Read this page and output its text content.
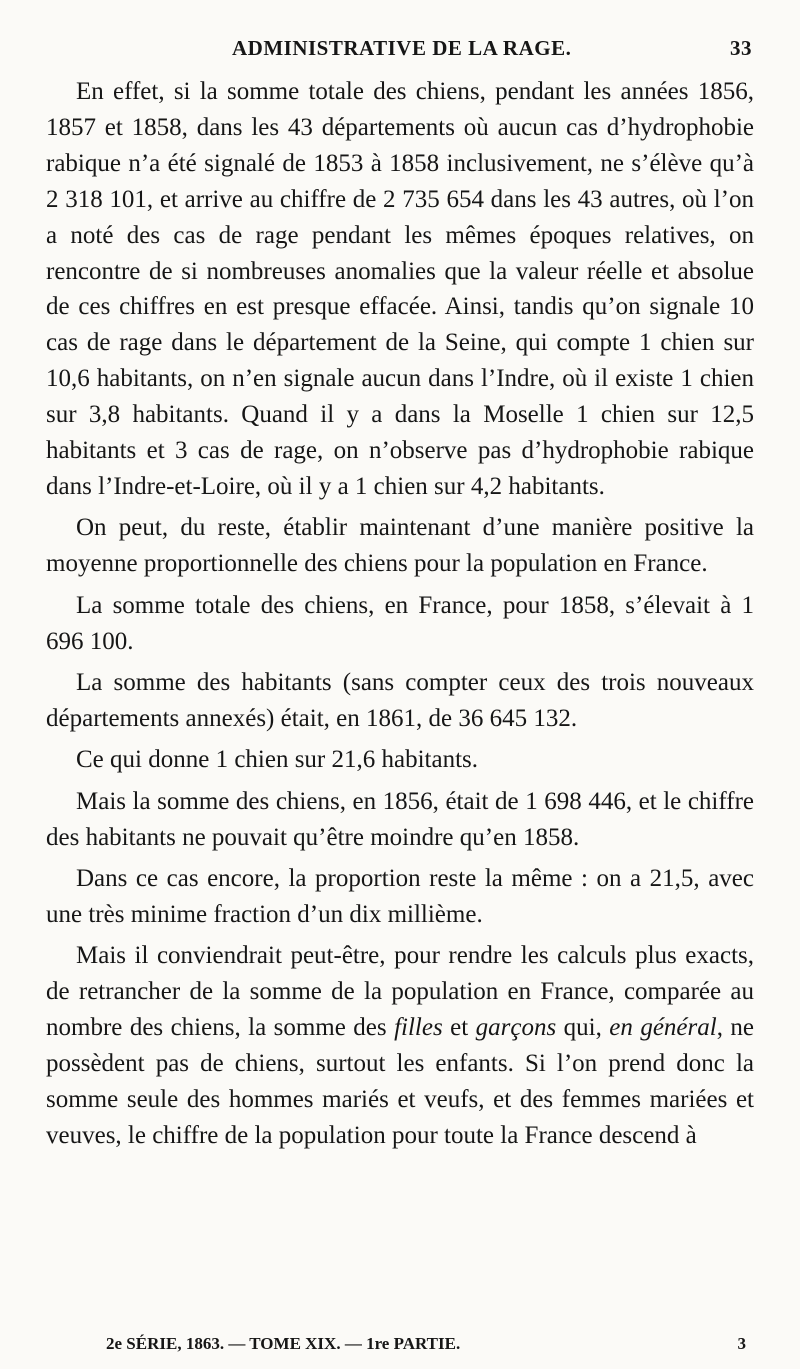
ADMINISTRATIVE DE LA RAGE.	33

En effet, si la somme totale des chiens, pendant les années 1856, 1857 et 1858, dans les 43 départements où aucun cas d’hydrophobie rabique n’a été signalé de 1853 à 1858 inclusivement, ne s’élève qu’à 2 318 101, et arrive au chiffre de 2 735 654 dans les 43 autres, où l’on a noté des cas de rage pendant les mêmes époques relatives, on rencontre de si nombreuses anomalies que la valeur réelle et absolue de ces chiffres en est presque effacée. Ainsi, tandis qu’on signale 10 cas de rage dans le département de la Seine, qui compte 1 chien sur 10,6 habitants, on n’en signale aucun dans l’Indre, où il existe 1 chien sur 3,8 habitants. Quand il y a dans la Moselle 1 chien sur 12,5 habitants et 3 cas de rage, on n’observe pas d’hydrophobie rabique dans l’Indre-et-Loire, où il y a 1 chien sur 4,2 habitants.

On peut, du reste, établir maintenant d’une manière positive la moyenne proportionnelle des chiens pour la population en France.

La somme totale des chiens, en France, pour 1858, s’élevait à 1 696 100.

La somme des habitants (sans compter ceux des trois nouveaux départements annexés) était, en 1861, de 36 645 132.

Ce qui donne 1 chien sur 21,6 habitants.

Mais la somme des chiens, en 1856, était de 1 698 446, et le chiffre des habitants ne pouvait qu’être moindre qu’en 1858.

Dans ce cas encore, la proportion reste la même : on a 21,5, avec une très minime fraction d’un dix millième.

Mais il conviendrait peut-être, pour rendre les calculs plus exacts, de retrancher de la somme de la population en France, comparée au nombre des chiens, la somme des filles et garçons qui, en général, ne possèdent pas de chiens, surtout les enfants. Si l’on prend donc la somme seule des hommes mariés et veufs, et des femmes mariées et veuves, le chiffre de la population pour toute la France descend à

2e SÉRIE, 1863. — TOME XIX. — 1re PARTIE.	3
